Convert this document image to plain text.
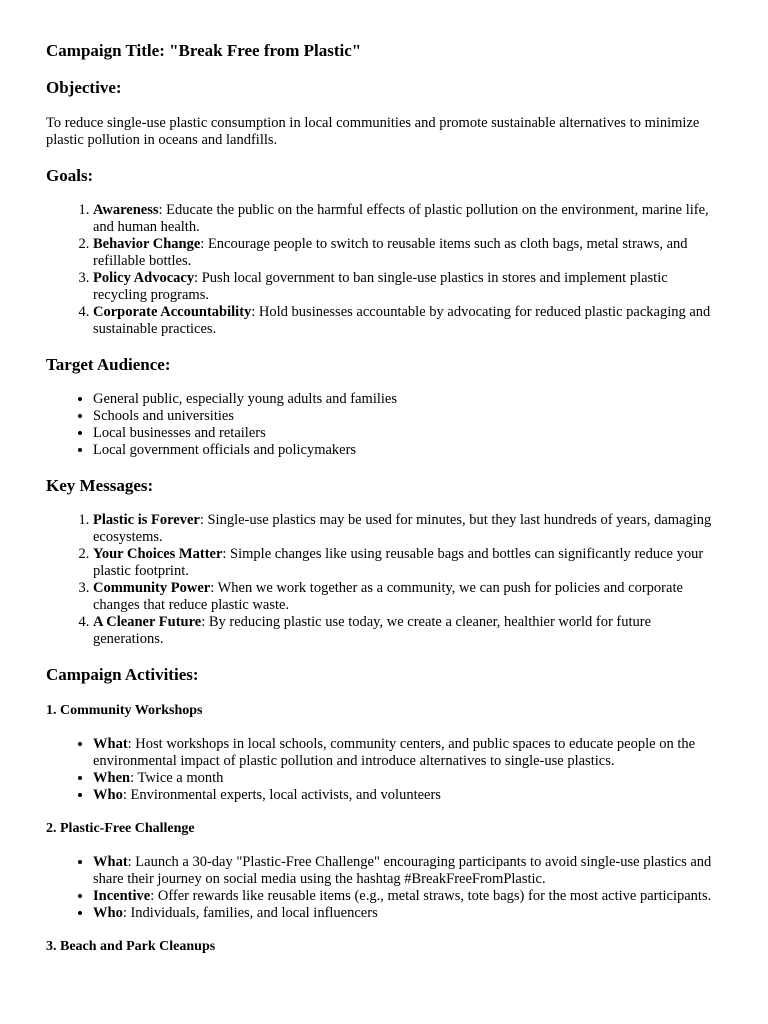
Campaign Title: "Break Free from Plastic"
Objective:

To reduce single-use plastic consumption in local communities and promote sustainable alternatives to minimize plastic pollution in oceans and landfills.

Goals:
1. Awareness: Educate the public on the harmful effects of plastic pollution on the environment, marine life, and human health.
2. Behavior Change: Encourage people to switch to reusable items such as cloth bags, metal straws, and refillable bottles.
3. Policy Advocacy: Push local government to ban single-use plastics in stores and implement plastic recycling programs.
4. Corporate Accountability: Hold businesses accountable by advocating for reduced plastic packaging and sustainable practices.
Target Audience:
• General public, especially young adults and families
• Schools and universities
• Local businesses and retailers
• Local government officials and policymakers
Key Messages:
1. Plastic is Forever: Single-use plastics may be used for minutes, but they last hundreds of years, damaging ecosystems.
2. Your Choices Matter: Simple changes like using reusable bags and bottles can significantly reduce your plastic footprint.
3. Community Power: When we work together as a community, we can push for policies and corporate changes that reduce plastic waste.
4. A Cleaner Future: By reducing plastic use today, we create a cleaner, healthier world for future generations.
Campaign Activities:
1. Community Workshops
• What: Host workshops in local schools, community centers, and public spaces to educate people on the environmental impact of plastic pollution and introduce alternatives to single-use plastics.
• When: Twice a month
• Who: Environmental experts, local activists, and volunteers
2. Plastic-Free Challenge
• What: Launch a 30-day "Plastic-Free Challenge" encouraging participants to avoid single-use plastics and share their journey on social media using the hashtag #BreakFreeFromPlastic.
• Incentive: Offer rewards like reusable items (e.g., metal straws, tote bags) for the most active participants.
• Who: Individuals, families, and local influencers
3. Beach and Park Cleanups
